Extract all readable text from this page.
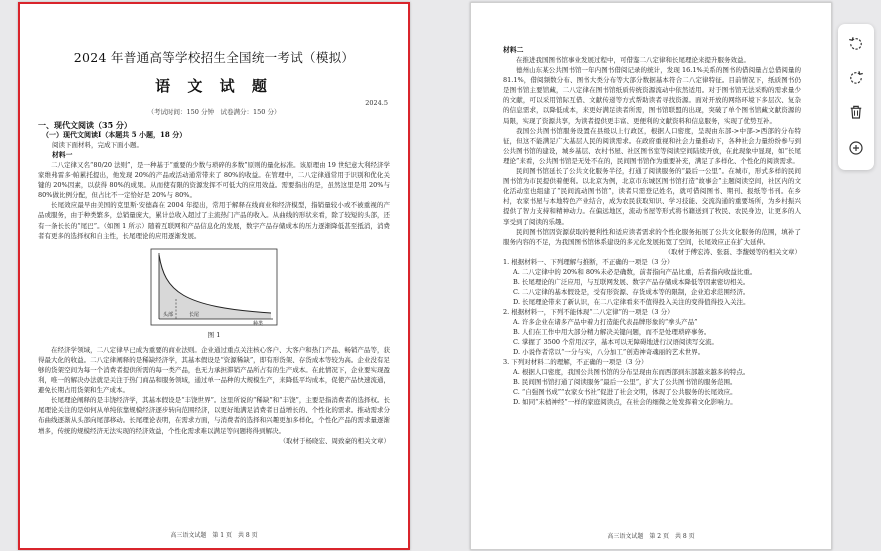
2024 年普通高等学校招生全国统一考试（模拟）
语 文 试 题
2024.5
（考试时间：150 分钟　试卷满分：150 分）
一、现代文阅读（35 分）
（一）现代文阅读Ⅰ（本题共 5 小题，18 分）
阅读下面材料，完成下面小题。
材料一

二八定律又名“80/20 法则”，是一种基于“重要的少数与琐碎的多数”原则的量化标准。该原理由 19 世纪意大利经济学家维弗雷多·帕累托提出，他发现 20%的产品或活动通常带来了 80%的收益。在管理中，二八定律通常用于识别和优化关键的 20%因素，以获得 80%的成果。从而使有限的资源发挥不可低大的应用效益。需要指出的是，虽然这里是用 20%与 80%做比例分配，但占比不一定恰好是 20%与 80%。

长尾效应最早由美国的克里斯·安德森在 2004 年提出，常用于解释在线商业和经济模型，指销量较小或不被重视的产品或服务，由于种类繁多，总销量庞大，累计总收入超过了主流热门产品的收入。从曲线的形状来看，除了较短的头部，还有一条长长的“尾巴”。（如图 1 所示）随着互联网和产品信息化的发展，数字产品存储成本的压力逐渐降低甚至抵消，消费者有更多的选择权和自主性，长尾理论的应用逐渐发展。

头部	长尾
种类
图 1

在经济学领域，二八定律早已成为重要的商业法则。企业通过重点关注核心客户、大客户和热门产品、畅销产品等，获得最大化的收益。二八定律阐释的是稀缺经济学，其基本假设是“资源稀缺”，即有形货架、存货成本等较为高。企业没有足够的货架空间为每一个消费者提供所需的每一类产品，也无力承担滞销产品所占有的生产成本。在此情况下，企业要实现盈利，唯一的解决办法就是关注于热门商品和服务领域，通过单一品种的大规模生产，来降低平均成本，促使产品快速流通，避免长期占用货架和生产成本。

长尾理论阐释的是丰饶经济学，其基本假设是“丰饶世界”。这里所说的“稀缺”和“丰饶”，主要是指消费者的选择权。长尾理论关注的是如何从单纯依靠规模经济逐步转向范围经济，以更好地满足消费者日益增长的、个性化的需求。推动需求分布曲线逐渐从头部向尾部移动。长尾理论表明，在需求方面，与消费者的选择和兴趣更加多样化，个性化产品的需求量逐渐增多，传统的规模经济无法实现的经济效益，个性化需求难以满足等问题将得到解决。

（取材于杨晓宏、周致豪的相关文章）
高三语文试题　第 1 页　共 8 页
材料二

在推进我国图书馆事业发展过程中，可借鉴二八定律和长尾理论来提升服务效益。

德州山东某公共图书馆一年内图书借阅记录的统计，发现 16.1%关系的图书的借阅量占总借阅量的 81.1%，借阅频数分布、图书大类分布等大部分数据基本符合二八定律特征。目前情况下，纸质图书仍是图书馆主要馆藏，二八定律在图书馆纸质传统资源流动中依然适用。对于图书馆无法采购的需求量少的文献，可以采用馆际互借、文献传递等方式帮助读者寻找资源。面对开放的网络环境下多层次、复杂的信息需求，以降低成本，来更好满足读者所需，图书馆联盟的出现，突破了单个图书馆藏文献资源的局限，实现了资源共享，为读者提供更丰富、更便利的文献资料和信息服务，实现了优势互补。

我国公共图书馆服务设置在县级以上行政区，根据人口密度，呈现由东部->中部->西部的分布特征，但这不能满足广大基层人民的阅读需求。在政府重视和社会力量推动下，各种社会力量纷纷参与到公共图书馆的建设，城乡基层、农村书屋、社区图书室等阅读空间陆续开放，在此现象中显现，如“长尾理论”来看，公共图书馆是无处不在的，民间图书馆作为重要补充，满足了多样化、个性化的阅读需求。

民间图书馆延长了公共文化服务半径，打通了阅读服务的“最后一公里”。在城市，形式多样的民间图书馆为市民提供着便利。以北京为例，北京市东城区图书馆打造“故事会”主题阅读空间，社区内的文化活动室也组建了“民间流动图书馆”，读者只需登记姓名，就可借阅图书、期刊、报纸等书刊。在乡村，农家书屋与本地特色产业结合，成为农民获取知识、学习技能、交流沟通的重要场所，为乡村振兴提供了智力支持和精神动力。在偏远地区，流动书屋等形式将书籍送到了牧民、农民身边，让更多的人享受到了阅读的乐趣。

民间图书馆因资源获取的便利性和适应读者需求的个性化服务拓展了公共文化服务的范围，填补了服务内容的不足，为我国图书馆体系建设的多元化发展拓宽了空间，长尾效应正在扩大延伸。

（取材于傅宏涛、张磊、李馥媛等的相关文章）
1. 根据材料一、下列理解与推断，不正确的一项是（3 分）
A. 二八定律中的 20%和 80%未必是确数，前者指向产品比重，后者指向收益比重。
B. 长尾理论的广泛应用，与互联网发展、数字产品存储成本降低等因素密切相关。
C. 二八定律的基本假设是，受有形资源、存货成本等的限制，企业追求范围经济。
D. 长尾理论带来了新认识，在二八定律看来不值得投入关注的变得值得投入关注。
2. 根据材料一，下列不能体现“二八定律”的一项是（3 分）
A. 许多企业在诸多产品中着力打造能代表品牌形象的“拳头产品”
B. 人们在工作中用大部分精力解决关键问题，而不是处理琐碎事务。
C. 掌握了 3500 个常用汉字，基本可以无障碍地进行汉语阅读写交流。
D. 小说作者常以“一分与实，八分加工”创造神奇魂丽的艺术世界。
3. 下列对材料二的理解，不正确的一项是（3 分）
A. 根据人口密度，我国公共图书馆的分布呈现由东而西部到东部越来越多的特点。
B. 民间图书馆打通了阅读服务“最后一公里”，扩大了公共图书馆的服务范围。
C. “自强图书成”“农家女书社”促进了社会文明，体现了公共服务的长尾效应。
D. 如同“末梢神经”一样的家庭阅读点，在社会的细微之处发挥着文化影响力。
高三语文试题　第 2 页　共 8 页
